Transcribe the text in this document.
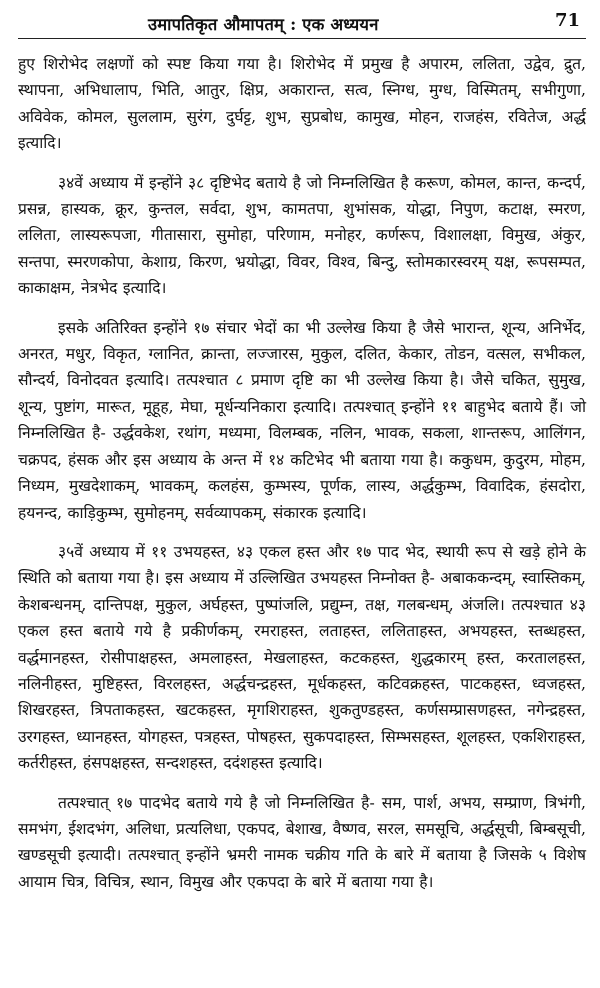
उमापतिकृत औमापतम् : एक अध्ययन	71

हुए शिरोभेद लक्षणों को स्पष्ट किया गया है। शिरोभेद में प्रमुख है अपारम, ललिता, उद्वेव, द्रुत, स्थापना, अभिधालाप, भिति, आतुर, क्षिप्र, अकारान्त, सत्व, स्निग्ध, मुग्ध, विस्मितम्, सभीगुणा, अविवेक, कोमल, सुललाम, सुरंग, दुर्घट्ट, शुभ, सुप्रबोध, कामुख, मोहन, राजहंस, रवितेज, अर्द्ध इत्यादि।

३४वें अध्याय में इन्होंने ३८ दृष्टिभेद बताये है जो निम्नलिखित है करूण, कोमल, कान्त, कन्दर्प, प्रसन्न, हास्यक, क्रूर, कुन्तल, सर्वदा, शुभ, कामतपा, शुभांसक, योद्धा, निपुण, कटाक्ष, स्मरण, ललिता, लास्यरूपजा, गीतासारा, सुमोहा, परिणाम, मनोहर, कर्णरूप, विशालक्षा, विमुख, अंकुर, सन्तपा, स्मरणकोपा, केशाग्र, किरण, भ्रयोद्धा, विवर, विश्व, बिन्दु, स्तोमकारस्वरम् यक्ष, रूपसम्पत, काकाक्षम, नेत्रभेद इत्यादि।

इसके अतिरिक्त इन्होंने १७ संचार भेदों का भी उल्लेख किया है जैसे भारान्त, शून्य, अनिर्भेद, अनरत, मधुर, विकृत, ग्लानित, क्रान्ता, लज्जारस, मुकुल, दलित, केकार, तोडन, वत्सल, सभीकल, सौन्दर्य, विनोदवत इत्यादि। तत्पश्चात ८ प्रमाण दृष्टि का भी उल्लेख किया है। जैसे चकित, सुमुख, शून्य, पुष्टांग, मारूत, मूहूह, मेघा, मूर्धन्यनिकारा इत्यादि। तत्पश्चात् इन्होंने ११ बाहुभेद बताये हैं। जो निम्नलिखित है- उर्द्धवकेश, रथांग, मध्यमा, विलम्बक, नलिन, भावक, सकला, शान्तरूप, आलिंगन, चक्रपद, हंसक और इस अध्याय के अन्त में १४ कटिभेद भी बताया गया है। ककुधम, कुदुरम, मोहम, निध्यम, मुखदेशाकम्, भावकम्, कलहंस, कुम्भस्य, पूर्णक, लास्य, अर्द्धकुम्भ, विवादिक, हंसदोरा, हयनन्द, काड़िकुम्भ, सुमोहनम्, सर्वव्यापकम्, संकारक इत्यादि।

३५वें अध्याय में ११ उभयहस्त, ४३ एकल हस्त और १७ पाद भेद, स्थायी रूप से खड़े होने के स्थिति को बताया गया है। इस अध्याय में उल्लिखित उभयहस्त निम्नोक्त है- अबाककन्दम्, स्वास्तिकम्, केशबन्धनम्, दान्तिपक्ष, मुकुल, अर्घहस्त, पुष्पांजलि, प्रद्युम्न, तक्ष, गलबन्धम्, अंजलि। तत्पश्चात ४३ एकल हस्त बताये गये है प्रकीर्णकम्, रमराहस्त, लताहस्त, ललिताहस्त, अभयहस्त, स्तब्धहस्त, वर्द्धमानहस्त, रोसीपाक्षहस्त, अमलाहस्त, मेखलाहस्त, कटकहस्त, शुद्धकारम् हस्त, करतालहस्त, नलिनीहस्त, मुष्टिहस्त, विरलहस्त, अर्द्धचन्द्रहस्त, मूर्धकहस्त, कटिवक्रहस्त, पाटकहस्त, ध्वजहस्त, शिखरहस्त, त्रिपताकहस्त, खटकहस्त, मृगशिराहस्त, शुकतुण्डहस्त, कर्णसम्प्रासणहस्त, नगेन्द्रहस्त, उरगहस्त, ध्यानहस्त, योगहस्त, पत्रहस्त, पोषहस्त, सुकपदाहस्त, सिम्भसहस्त, शूलहस्त, एकशिराहस्त, कर्तरीहस्त, हंसपक्षहस्त, सन्दशहस्त, ददंशहस्त इत्यादि।

तत्पश्चात् १७ पादभेद बताये गये है जो निम्नलिखित है- सम, पार्श, अभय, सम्प्राण, त्रिभंगी, समभंग, ईशदभंग, अलिधा, प्रत्यलिधा, एकपद, बेशाख, वैष्णव, सरल, समसूचि, अर्द्धसूची, बिम्बसूची, खण्डसूची इत्यादी। तत्पश्चात् इन्होंने भ्रमरी नामक चक्रीय गति के बारे में बताया है जिसके ५ विशेष आयाम चित्र, विचित्र, स्थान, विमुख और एकपदा के बारे में बताया गया है।
